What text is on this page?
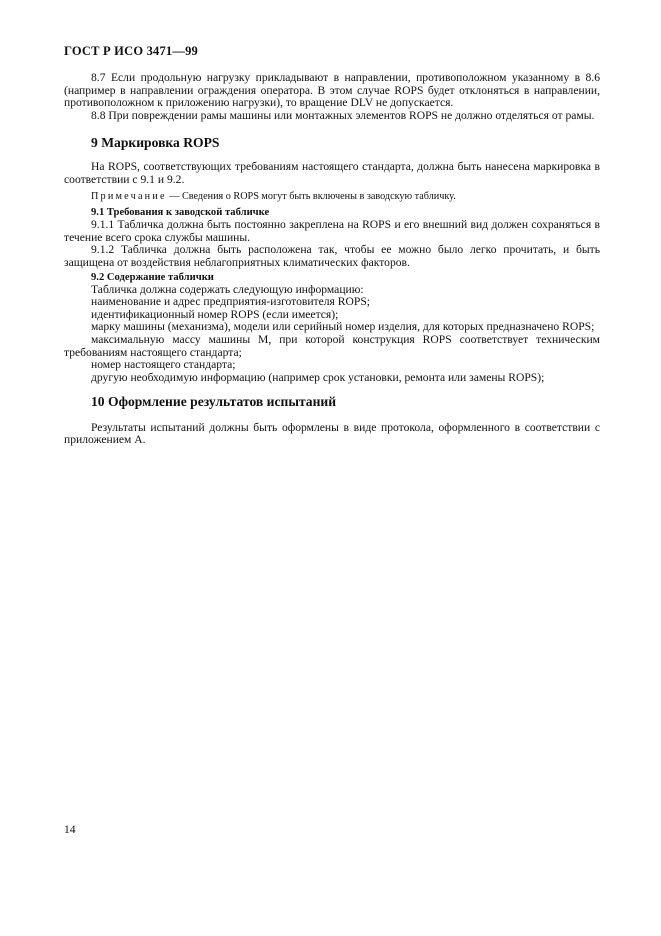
ГОСТ Р ИСО 3471—99

8.7 Если продольную нагрузку прикладывают в направлении, противоположном указанному в 8.6 (например в направлении ограждения оператора. В этом случае ROPS будет отклоняться в направлении, противоположном к приложению нагрузки), то вращение DLV не допускается.

8.8 При повреждении рамы машины или монтажных элементов ROPS не должно отделяться от рамы.

9 Маркировка ROPS

На ROPS, соответствующих требованиям настоящего стандарта, должна быть нанесена маркировка в соответствии с 9.1 и 9.2.

Примечание — Сведения о ROPS могут быть включены в заводскую табличку.
9.1 Требования к заводской табличке

9.1.1 Табличка должна быть постоянно закреплена на ROPS и его внешний вид должен сохраняться в течение всего срока службы машины.

9.1.2 Табличка должна быть расположена так, чтобы ее можно было легко прочитать, и быть защищена от воздействия неблагоприятных климатических факторов.

9.2 Содержание таблички

Табличка должна содержать следующую информацию:

наименование и адрес предприятия-изготовителя ROPS;

идентификационный номер ROPS (если имеется);

марку машины (механизма), модели или серийный номер изделия, для которых предназначено ROPS;

максимальную массу машины M, при которой конструкция ROPS соответствует техническим требованиям настоящего стандарта;

номер настоящего стандарта;

другую необходимую информацию (например срок установки, ремонта или замены ROPS);

10 Оформление результатов испытаний

Результаты испытаний должны быть оформлены в виде протокола, оформленного в соответствии с приложением А.

14
